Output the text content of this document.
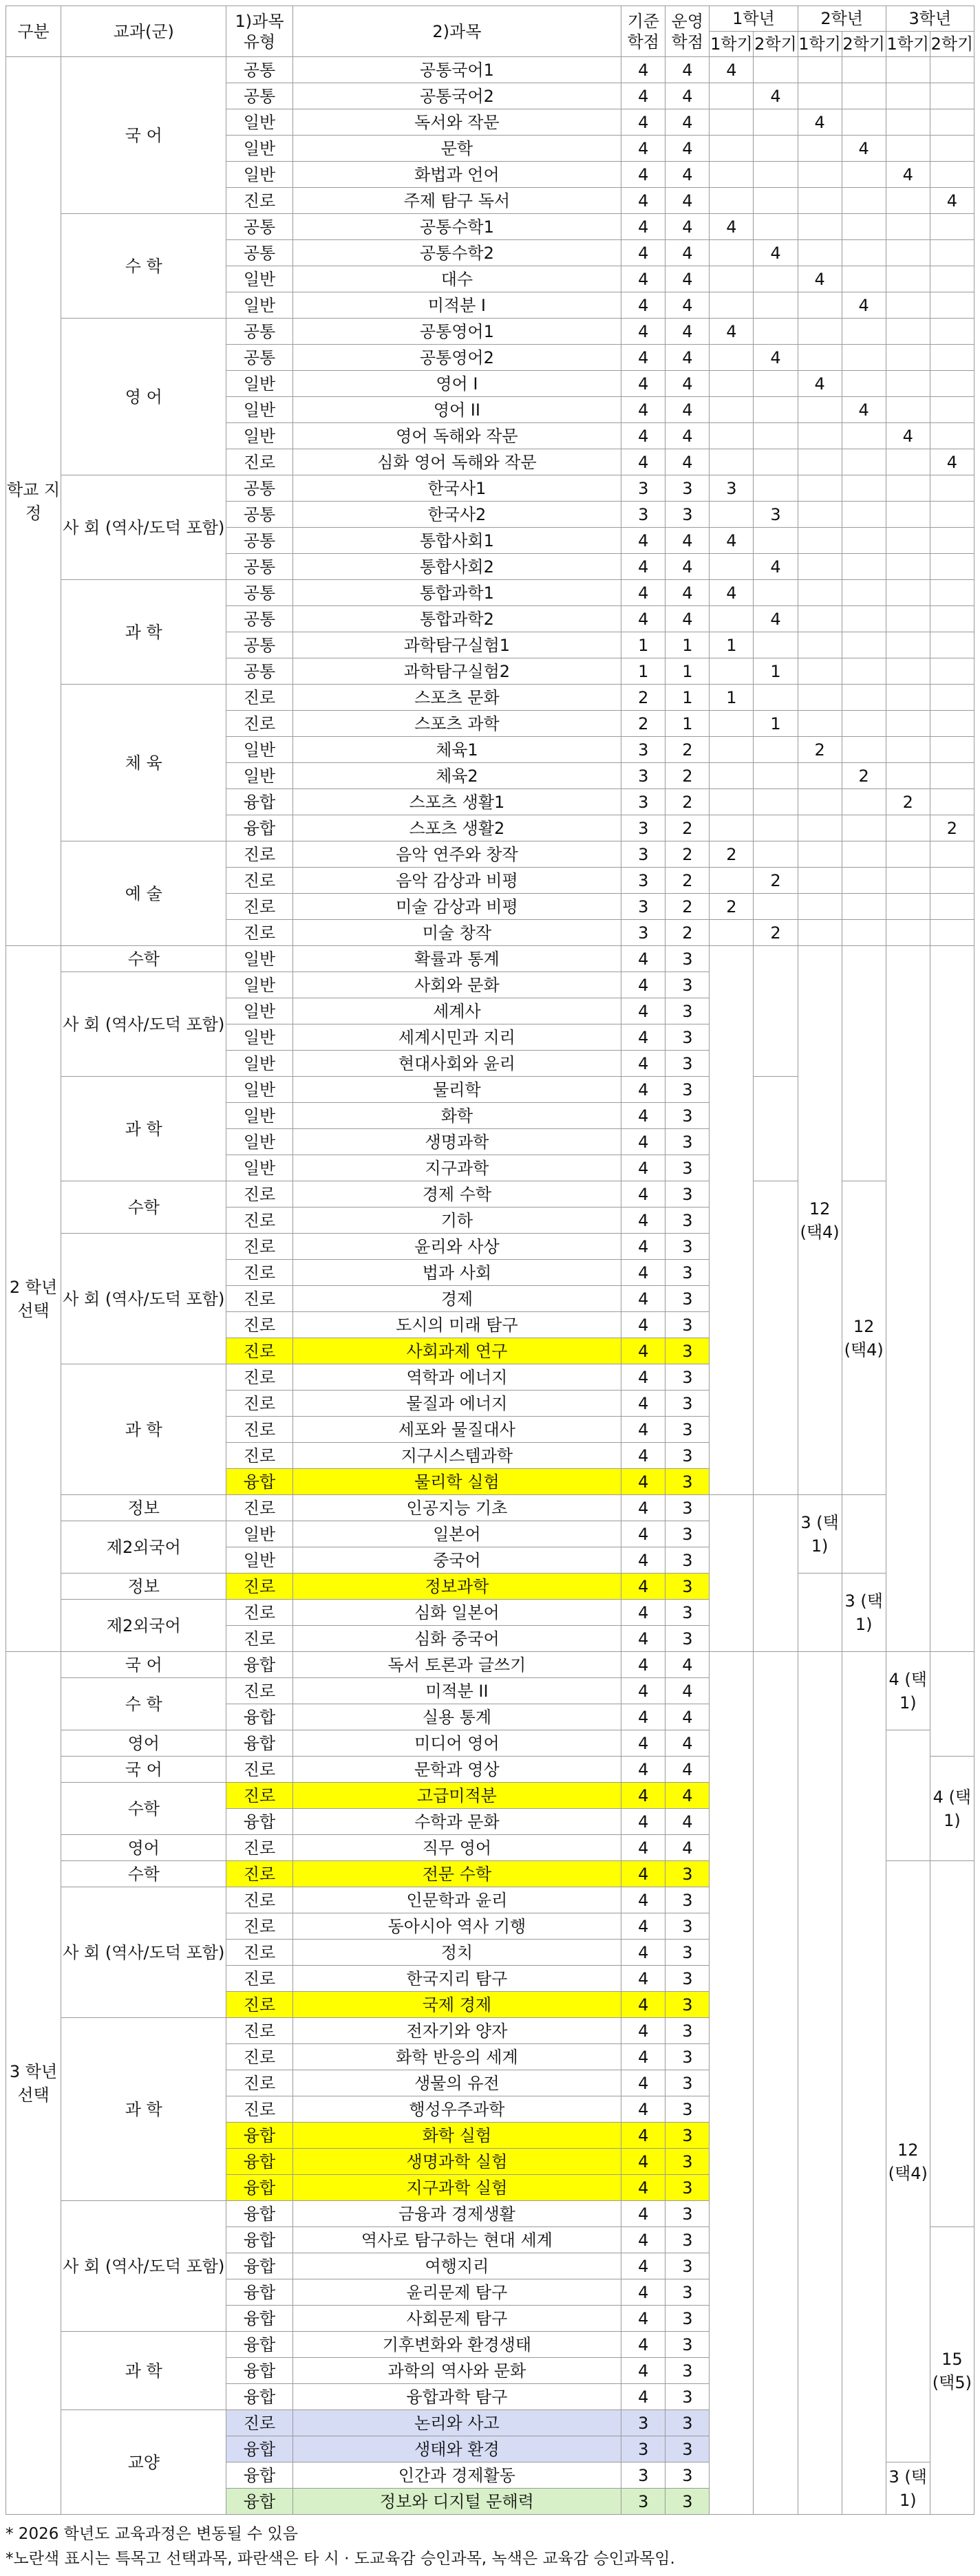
구분	교과(군)	1)과목 유형	2)과목	기준 학점	운영 학점	1학년		2학년		3학년	
						1학기	2학기	1학기	2학기	1학기	2학기
학교 지정	국 어	공통	공통국어1	4	4	4					
		공통	공통국어2	4	4		4				
		일반	독서와 작문	4	4			4			
		일반	문학	4	4				4		
		일반	화법과 언어	4	4					4	
		진로	주제 탐구 독서	4	4						4
	수 학	공통	공통수학1	4	4	4					
		공통	공통수학2	4	4		4				
		일반	대수	4	4			4			
		일반	미적분 I	4	4				4		
	영 어	공통	공통영어1	4	4	4					
		공통	공통영어2	4	4		4				
		일반	영어 I	4	4			4			
		일반	영어 II	4	4				4		
		일반	영어 독해와 작문	4	4					4	
		진로	심화 영어 독해와 작문	4	4						4
	사 회 (역사/도덕 포함)	공통	한국사1	3	3	3					
		공통	한국사2	3	3		3				
		공통	통합사회1	4	4	4					
		공통	통합사회2	4	4		4				
	과 학	공통	통합과학1	4	4	4					
		공통	통합과학2	4	4		4				
		공통	과학탐구실험1	1	1	1					
		공통	과학탐구실험2	1	1		1				
	체 육	진로	스포츠 문화	2	1	1					
		진로	스포츠 과학	2	1		1				
		일반	체육1	3	2			2			
		일반	체육2	3	2				2		
		융합	스포츠 생활1	3	2					2	
		융합	스포츠 생활2	3	2						2
	예 술	진로	음악 연주와 창작	3	2	2					
		진로	음악 감상과 비평	3	2		2				
		진로	미술 감상과 비평	3	2	2					
		진로	미술 창작	3	2		2				
2 학년 선택	수학	일반	확률과 통계	4	3			12 (택4)			
	사 회 (역사/도덕 포함)	일반	사회와 문화	4	3						
		일반	세계사	4	3						
		일반	세계시민과 지리	4	3						
		일반	현대사회와 윤리	4	3						
	과 학	일반	물리학	4	3						
		일반	화학	4	3						
		일반	생명과학	4	3						
		일반	지구과학	4	3						
	수학	진로	경제 수학	4	3				12 (택4)		
		진로	기하	4	3						
	사 회 (역사/도덕 포함)	진로	윤리와 사상	4	3						
		진로	법과 사회	4	3						
		진로	경제	4	3						
		진로	도시의 미래 탐구	4	3						
		진로	사회과제 연구	4	3						
	과 학	진로	역학과 에너지	4	3						
		진로	물질과 에너지	4	3						
		진로	세포와 물질대사	4	3						
		진로	지구시스템과학	4	3						
		융합	물리학 실험	4	3						
	정보	진로	인공지능 기초	4	3			3 (택1)			
	제2외국어	일반	일본어	4	3						
		일반	중국어	4	3						
	정보	진로	정보과학	4	3				3 (택1)		
	제2외국어	진로	심화 일본어	4	3						
		진로	심화 중국어	4	3						
3 학년 선택	국 어	융합	독서 토론과 글쓰기	4	4					4 (택1)	
	수 학	진로	미적분 II	4	4						
		융합	실용 통계	4	4						
	영어	융합	미디어 영어	4	4						
	국 어	진로	문학과 영상	4	4						4 (택1)
	수학	진로	고급미적분	4	4						
		융합	수학과 문화	4	4						
	영어	진로	직무 영어	4	4						
	수학	진로	전문 수학	4	3					12 (택4)	
	사 회 (역사/도덕 포함)	진로	인문학과 윤리	4	3						
		진로	동아시아 역사 기행	4	3						
		진로	정치	4	3						
		진로	한국지리 탐구	4	3						
		진로	국제 경제	4	3						
	과 학	진로	전자기와 양자	4	3						
		진로	화학 반응의 세계	4	3						
		진로	생물의 유전	4	3						
		진로	행성우주과학	4	3						
		융합	화학 실험	4	3						
		융합	생명과학 실험	4	3						
		융합	지구과학 실험	4	3						
	사 회 (역사/도덕 포함)	융합	금융과 경제생활	4	3						
		융합	역사로 탐구하는 현대 세계	4	3						15 (택5)
		융합	여행지리	4	3						
		융합	윤리문제 탐구	4	3						
		융합	사회문제 탐구	4	3						
	과 학	융합	기후변화와 환경생태	4	3						
		융합	과학의 역사와 문화	4	3						
		융합	융합과학 탐구	4	3						
	교양	진로	논리와 사고	3	3						
		융합	생태와 환경	3	3						
		융합	인간과 경제활동	3	3					3 (택1)	
		융합	정보와 디지털 문해력	3	3						
* 2026 학년도 교육과정은 변동될 수 있음
*노란색 표시는 특목고 선택과목, 파란색은 타 시 · 도교육감 승인과목, 녹색은 교육감 승인과목임.
